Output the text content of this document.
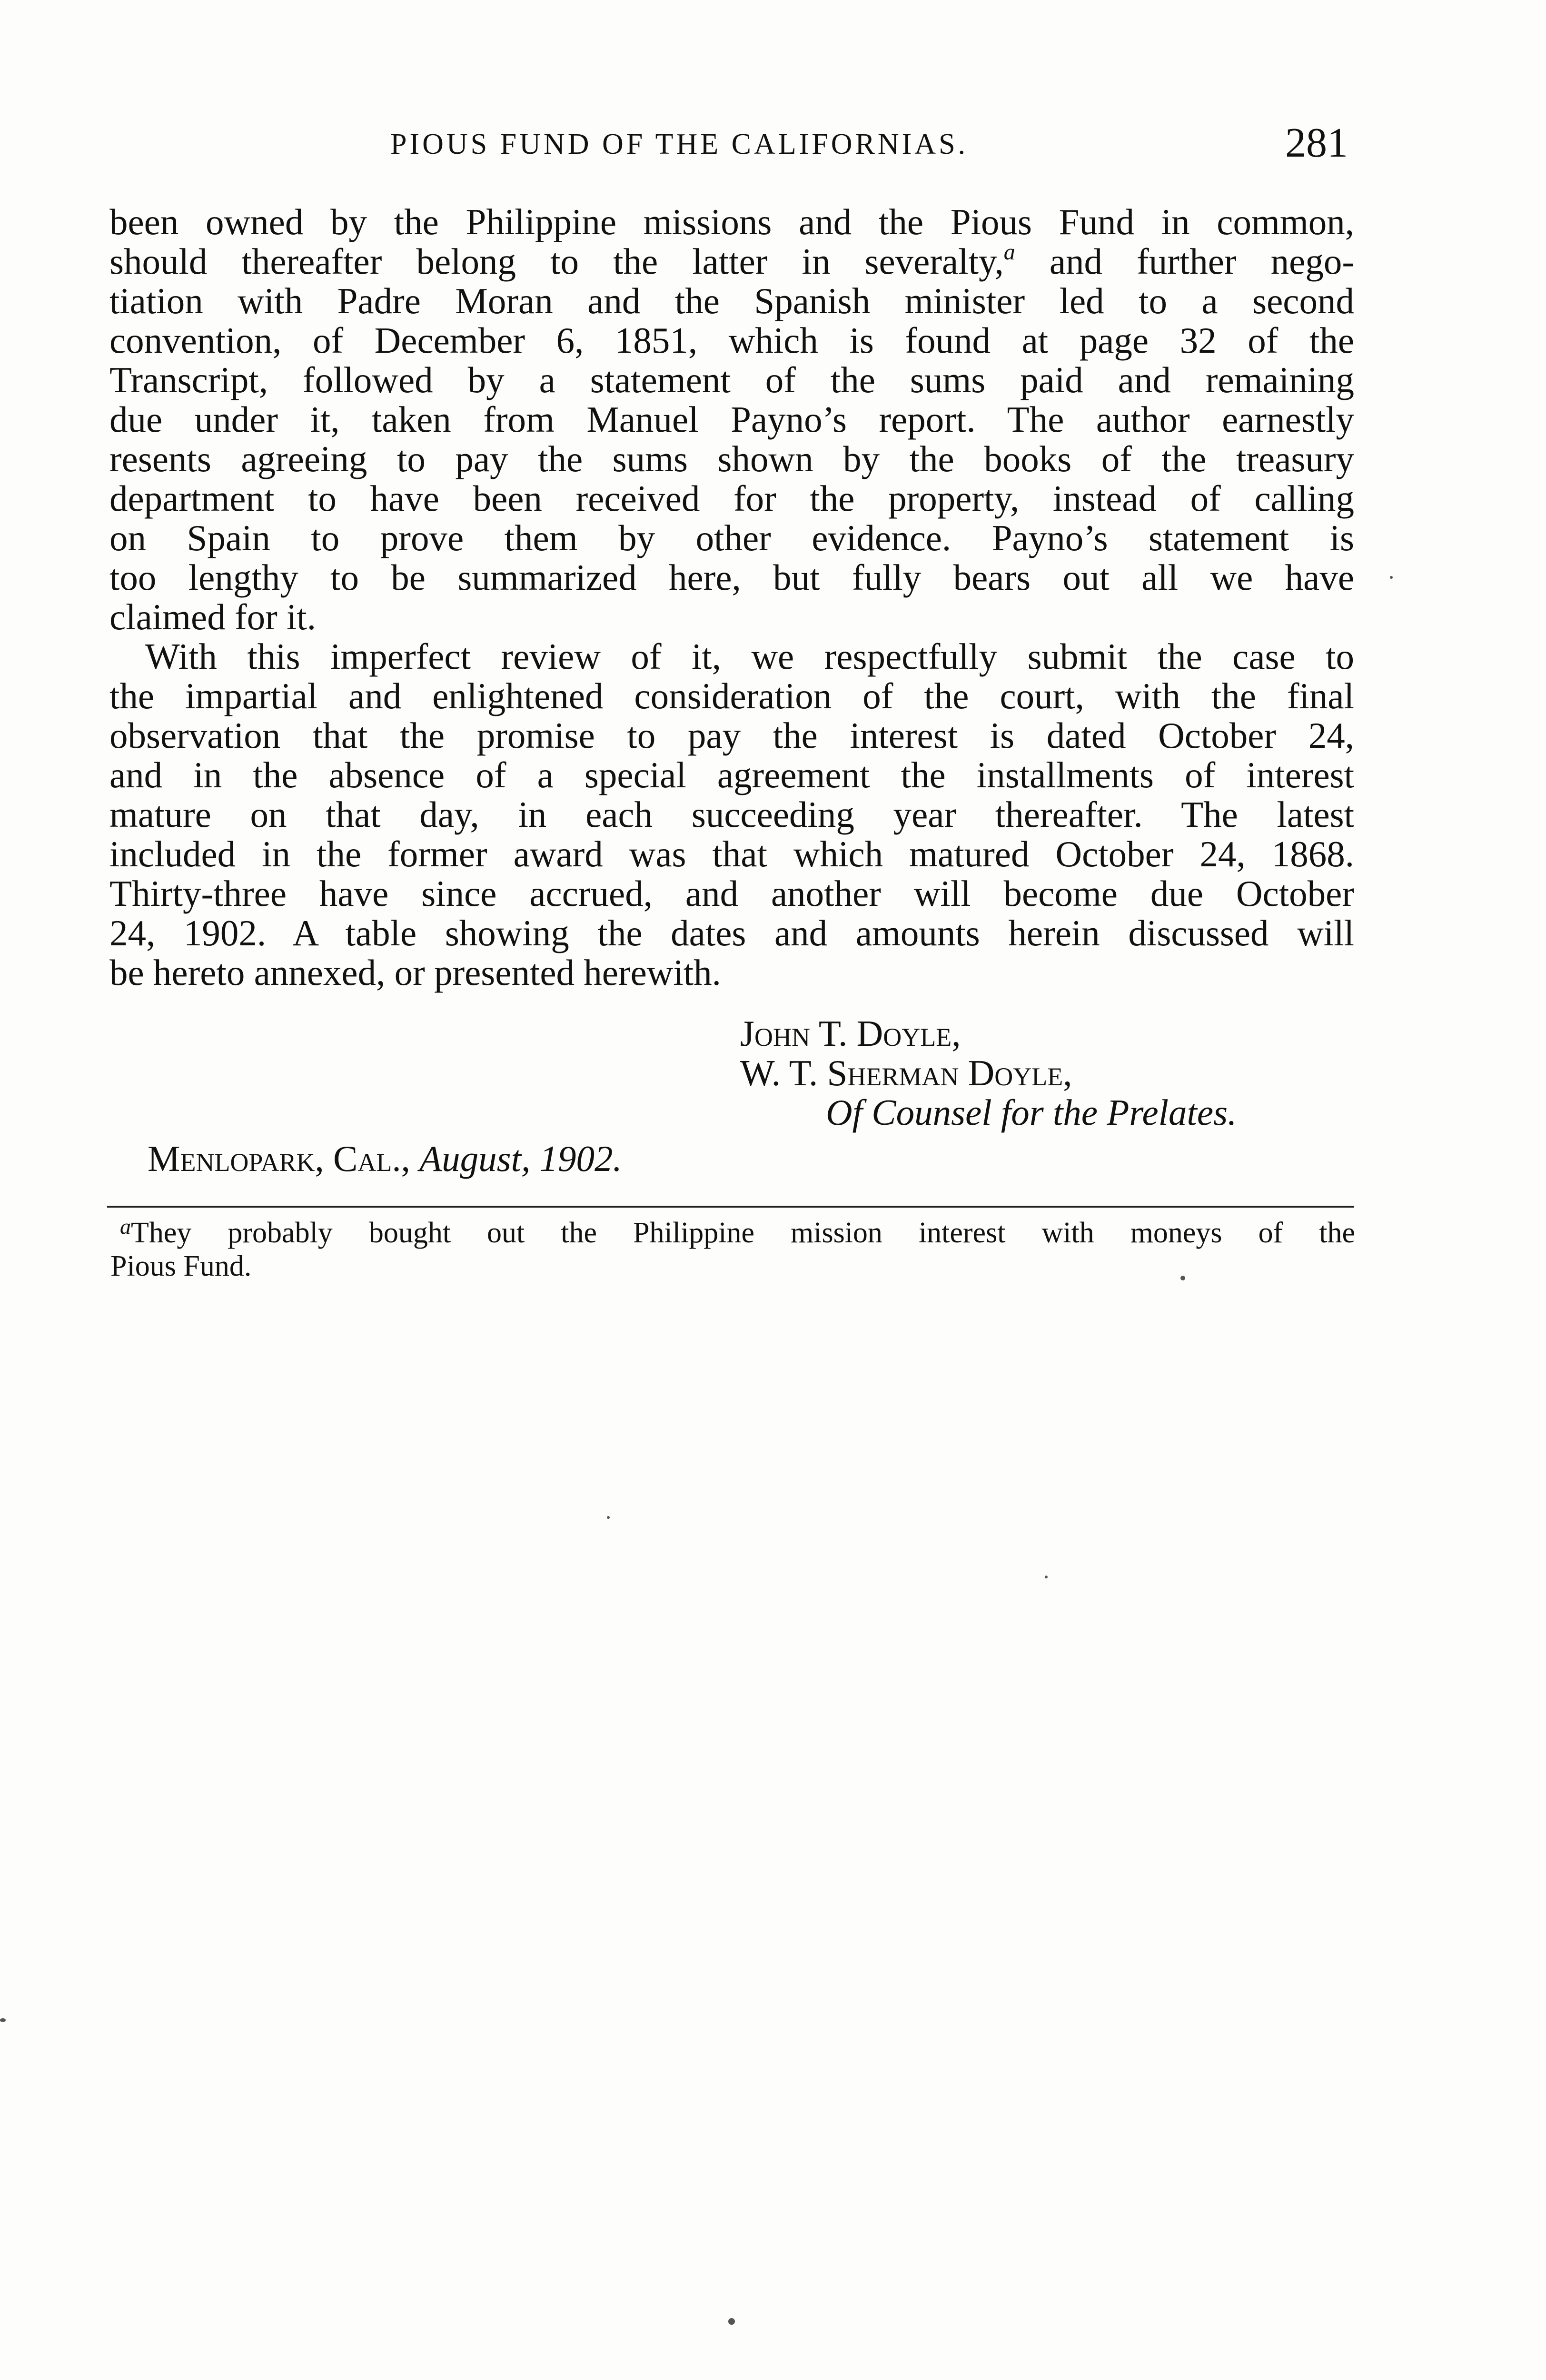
PIOUS FUND OF THE CALIFORNIAS.	281
been owned by the Philippine missions and the Pious Fund in common,
should thereafter belong to the latter in severalty,$^a$ and further nego-
tiation with Padre Moran and the Spanish minister led to a second
convention, of December 6, 1851, which is found at page 32 of the
Transcript, followed by a statement of the sums paid and remaining
due under it, taken from Manuel Payno’s report. The author earnestly
resents agreeing to pay the sums shown by the books of the treasury
department to have been received for the property, instead of calling
on Spain to prove them by other evidence. Payno’s statement is
too lengthy to be summarized here, but fully bears out all we have
claimed for it.
With this imperfect review of it, we respectfully submit the case to
the impartial and enlightened consideration of the court, with the final
observation that the promise to pay the interest is dated October 24,
and in the absence of a special agreement the installments of interest
mature on that day, in each succeeding year thereafter. The latest
included in the former award was that which matured October 24, 1868.
Thirty-three have since accrued, and another will become due October
24, 1902. A table showing the dates and amounts herein discussed will
be hereto annexed, or presented herewith.
John T. Doyle,
W. T. Sherman Doyle,
Of Counsel for the Prelates.
Menlopark, Cal., August, 1902.
$^a$They probably bought out the Philippine mission interest with moneys of the
Pious Fund.
